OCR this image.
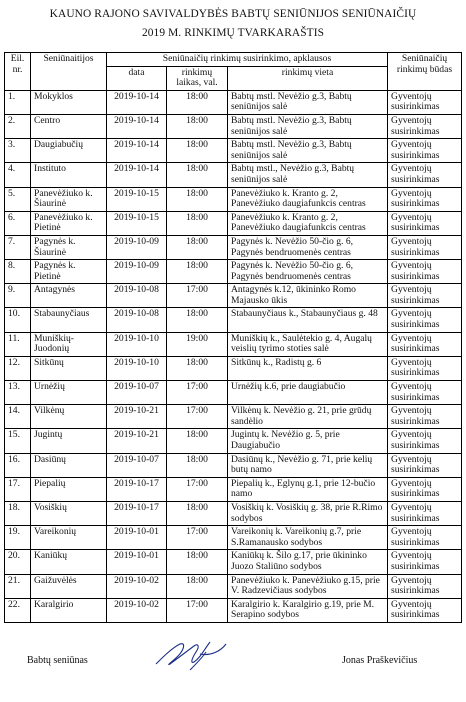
KAUNO RAJONO SAVIVALDYBĖS BABTŲ SENIŪNIJOS SENIŪNAIČIŲ
2019 M. RINKIMŲ TVARKARAŠTIS
Eil. nr.	Seniūnaitijos	Seniūnaičių rinkimų susirinkimo, apklausos			Seniūnaičių rinkimų būdas
		data	rinkimų laikas, val.	rinkimų vieta	
1.	Mokyklos	2019-10-14	18:00	Babtų mstl. Nevėžio g.3, Babtų seniūnijos salė	Gyventojų susirinkimas
2.	Centro	2019-10-14	18:00	Babtų mstl. Nevėžio g.3, Babtų seniūnijos salė	Gyventojų susirinkimas
3.	Daugiabučių	2019-10-14	18:00	Babtų mstl. Nevėžio g.3, Babtų seniūnijos salė	Gyventojų susirinkimas
4.	Instituto	2019-10-14	18:00	Babtų mstl., Nevėžio g.3, Babtų seniūnijos salė	Gyventojų susirinkimas
5.	Panevėžiuko k. Šiaurinė	2019-10-15	18:00	Panevėžiuko k. Kranto g. 2, Panevėžiuko daugiafunkcis centras	Gyventojų susirinkimas
6.	Panevėžiuko k. Pietinė	2019-10-15	18:00	Panevėžiuko k. Kranto g. 2, Panevėžiuko daugiafunkcis centras	Gyventojų susirinkimas
7.	Pagynės k. Šiaurinė	2019-10-09	18:00	Pagynės k. Nevėžio 50-čio g. 6, Pagynės bendruomenės centras	Gyventojų susirinkimas
8.	Pagynės k. Pietinė	2019-10-09	18:00	Pagynės k. Nevėžio 50-čio g. 6, Pagynės bendruomenės centras	Gyventojų susirinkimas
9.	Antagynės	2019-10-08	17:00	Antagynės k.12, ūkininko Romo Majausko ūkis	Gyventojų susirinkimas
10.	Stabaunyčiaus	2019-10-08	18:00	Stabaunyčiaus k., Stabaunyčiaus g. 48	Gyventojų susirinkimas
11.	Muniškių-Juodonių	2019-10-10	19:00	Muniškių k., Saulėtekio g. 4, Augalų veislių tyrimo stoties salė	Gyventojų susirinkimas
12.	Sitkūnų	2019-10-10	18:00	Sitkūnų k., Radistų g. 6	Gyventojų susirinkimas
13.	Urnėžių	2019-10-07	17:00	Urnėžių k.6, prie daugiabučio	Gyventojų susirinkimas
14.	Vilkėnų	2019-10-21	17:00	Vilkėnų k. Nevėžio g. 21, prie grūdų sandėlio	Gyventojų susirinkimas
15.	Jugintų	2019-10-21	18:00	Jugintų k. Nevėžio g. 5, prie Daugiabučio	Gyventojų susirinkimas
16.	Dasiūnų	2019-10-07	18:00	Dasiūnų k., Nevėžio g. 71, prie kelių butų namo	Gyventojų susirinkimas
17.	Piepalių	2019-10-17	17:00	Piepalių k., Eglynų g.1, prie 12-bučio namo	Gyventojų susirinkimas
18.	Vosiškių	2019-10-17	18:00	Vosiškių k. Vosiškių g. 38, prie R.Rimo sodybos	Gyventojų susirinkimas
19.	Vareikonių	2019-10-01	17:00	Vareikonių k. Vareikonių g.7, prie S.Ramanausko sodybos	Gyventojų susirinkimas
20.	Kaniūkų	2019-10-01	18:00	Kaniūkų k. Šilo g.17, prie ūkininko Juozo Staliūno sodybos	Gyventojų susirinkimas
21.	Gaižuvėlės	2019-10-02	18:00	Panevėžiuko k. Panevėžiuko g.15, prie V. Radzevičiaus sodybos	Gyventojų susirinkimas
22.	Karalgirio	2019-10-02	17:00	Karalgirio k. Karalgirio g.19, prie M. Serapino sodybos	Gyventojų susirinkimas
Babtų seniūnas	Jonas Praškevičius
